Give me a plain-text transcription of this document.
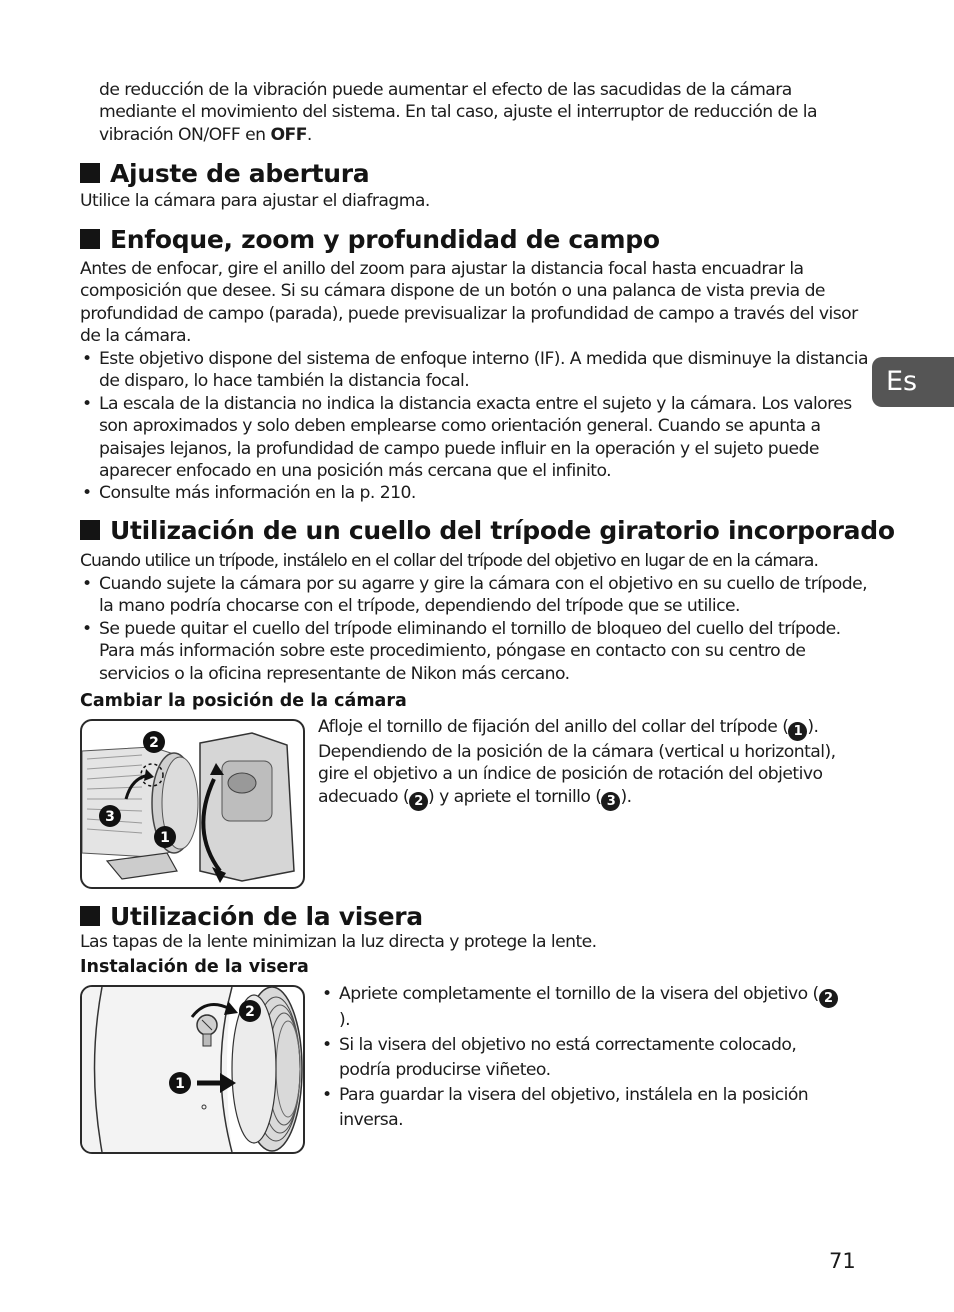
de reducción de la vibración puede aumentar el efecto de las sacudidas de la cámara mediante el movimiento del sistema. En tal caso, ajuste el interruptor de reducción de la vibración ON/OFF en OFF.
Ajuste de abertura
Utilice la cámara para ajustar el diafragma.
Enfoque, zoom y profundidad de campo
Antes de enfocar, gire el anillo del zoom para ajustar la distancia focal hasta encuadrar la composición que desee. Si su cámara dispone de un botón o una palanca de vista previa de profundidad de campo (parada), puede previsualizar la profundidad de campo a través del visor de la cámara.
• Este objetivo dispone del sistema de enfoque interno (IF). A medida que disminuye la distancia de disparo, lo hace también la distancia focal.
• La escala de la distancia no indica la distancia exacta entre el sujeto y la cámara. Los valores son aproximados y solo deben emplearse como orientación general. Cuando se apunta a paisajes lejanos, la profundidad de campo puede influir en la operación y el sujeto puede aparecer enfocado en una posición más cercana que el infinito.
• Consulte más información en la p. 210.
Utilización de un cuello del trípode giratorio incorporado
Cuando utilice un trípode, instálelo en el collar del trípode del objetivo en lugar de en la cámara.
• Cuando sujete la cámara por su agarre y gire la cámara con el objetivo en su cuello de trípode, la mano podría chocarse con el trípode, dependiendo del trípode que se utilice.
• Se puede quitar el cuello del trípode eliminando el tornillo de bloqueo del cuello del trípode. Para más información sobre este procedimiento, póngase en contacto con su centro de servicios o la oficina representante de Nikon más cercano.
Cambiar la posición de la cámara
2
3
1
Afloje el tornillo de fijación del anillo del collar del trípode ( 1 ). Dependiendo de la posición de la cámara (vertical u horizontal), gire el objetivo a un índice de posición de rotación del objetivo adecuado ( 2 ) y apriete el tornillo ( 3 ).
Utilización de la visera
Las tapas de la lente minimizan la luz directa y protege la lente.
Instalación de la visera
2
1
• Apriete completamente el tornillo de la visera del objetivo ( 2).
• Si la visera del objetivo no está correctamente colocado, podría producirse viñeteo.
• Para guardar la visera del objetivo, instálela en la posición inversa.
Es
71
